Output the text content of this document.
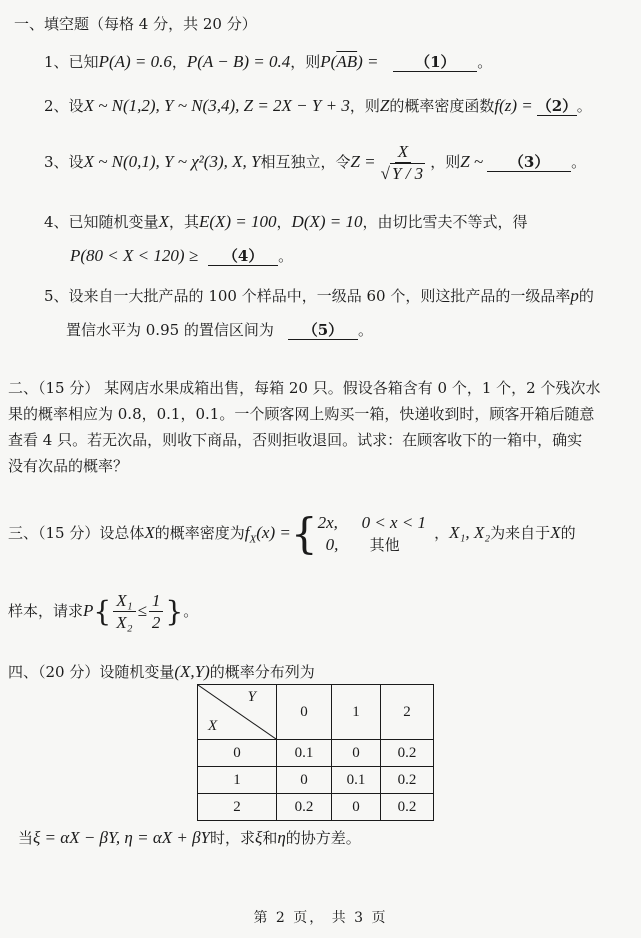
一、填空题（每格 4 分，共 20 分）
1、已知P(A) = 0.6，P(A − B) = 0.4，则$P(\overline{AB}) = (1)$ 。
2、设X ~ N(1,2), Y ~ N(3,4), Z = 2X − Y + 3，则Z的概率密度函数f(z) = （2）。
3、设X ~ N(0,1), Y ~ χ²(3), X, Y相互独立，令$Z = \frac{X}{√ Y / 3}$ ，则Z ~ （3） 。
4、已知随机变量X，其E(X) = 100，D(X) = 10，由切比雪夫不等式，得
P(80 < X < 120) ≥ （4） 。
5、设来自一大批产品的 100 个样品中，一级品 60 个，则这批产品的一级品率p的
置信水平为 0.95 的置信区间为 （5） 。
二、（15 分） 某网店水果成箱出售，每箱 20 只。假设各箱含有 0 个，1 个，2 个残次水
果的概率相应为 0.8，0.1，0.1。一个顾客网上购买一箱，快递收到时，顾客开箱后随意
查看 4 只。若无次品，则收下商品，否则拒收退回。试求：在顾客收下的一箱中，确实
没有次品的概率？
三、（15 分）设总体X的概率密度为$f_X(x)$ ={ 2x, 0 < x < 1
0, 其他
，X₁, X₂为来自于X的
样本，请求$P\{ \frac{\text{X₁}}{\text{X₂}} \le \frac{1}{2}$ }。
四、（20 分）设随机变量(X,Y)的概率分布列为
Y
X	0	1	2
0	0.1	0	0.2
1	0	0.1	0.2
2	0.2	0	0.2
当ξ = αX − βY, η = αX + βY时，求ξ和η的协方差。
第 2 页， 共 3 页
